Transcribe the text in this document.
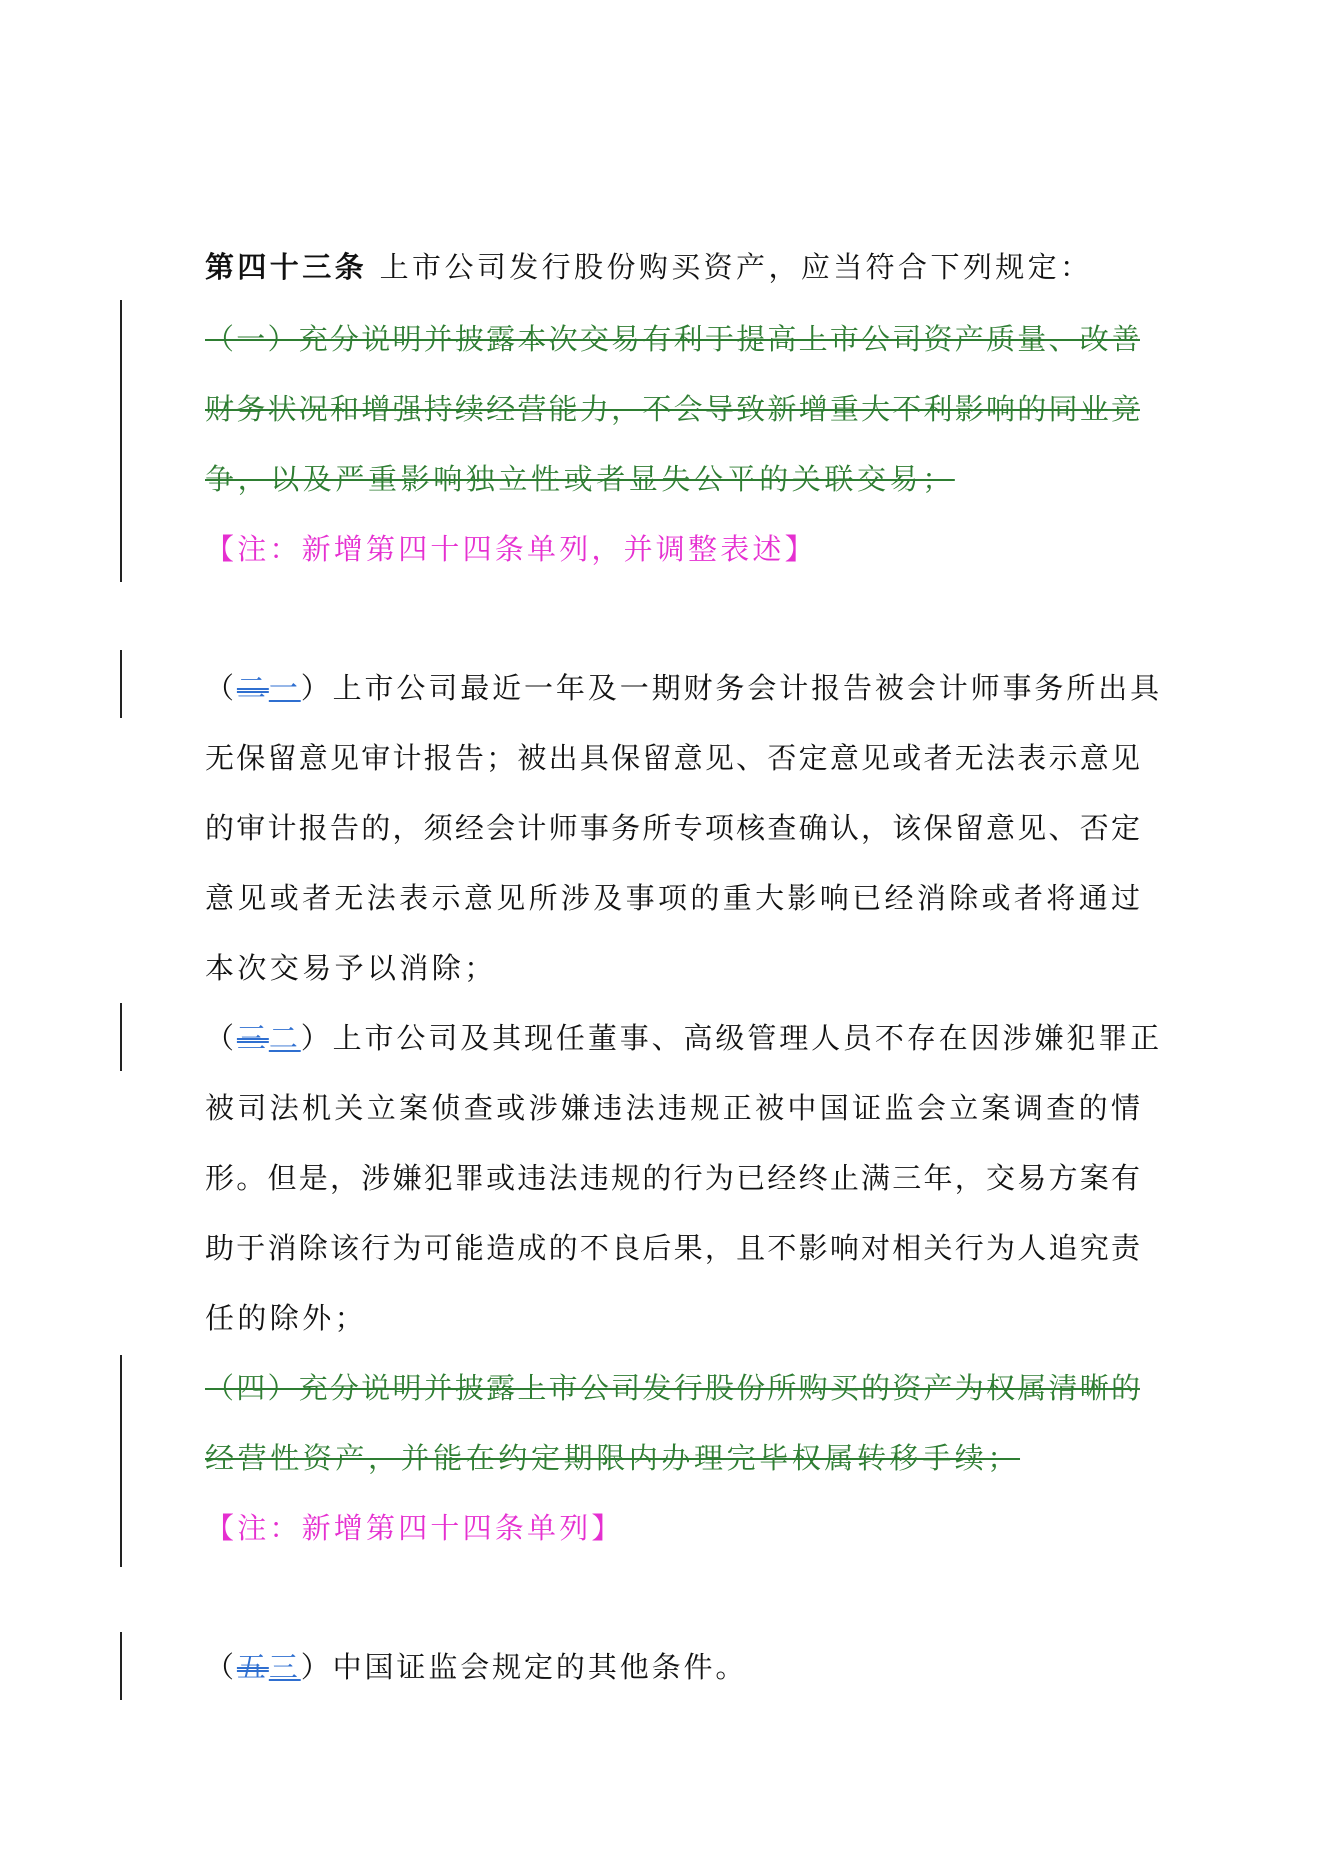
第四十三条 上市公司发行股份购买资产，应当符合下列规定：
（一）充分说明并披露本次交易有利于提高上市公司资产质量、改善
财务状况和增强持续经营能力，不会导致新增重大不利影响的同业竞
争，以及严重影响独立性或者显失公平的关联交易；
【注：新增第四十四条单列，并调整表述】
（二一）上市公司最近一年及一期财务会计报告被会计师事务所出具
无保留意见审计报告；被出具保留意见、否定意见或者无法表示意见
的审计报告的，须经会计师事务所专项核查确认，该保留意见、否定
意见或者无法表示意见所涉及事项的重大影响已经消除或者将通过
本次交易予以消除；
（三二）上市公司及其现任董事、高级管理人员不存在因涉嫌犯罪正
被司法机关立案侦查或涉嫌违法违规正被中国证监会立案调查的情
形。但是，涉嫌犯罪或违法违规的行为已经终止满三年，交易方案有
助于消除该行为可能造成的不良后果，且不影响对相关行为人追究责
任的除外；
（四）充分说明并披露上市公司发行股份所购买的资产为权属清晰的
经营性资产，并能在约定期限内办理完毕权属转移手续；
【注：新增第四十四条单列】
（五三）中国证监会规定的其他条件。
